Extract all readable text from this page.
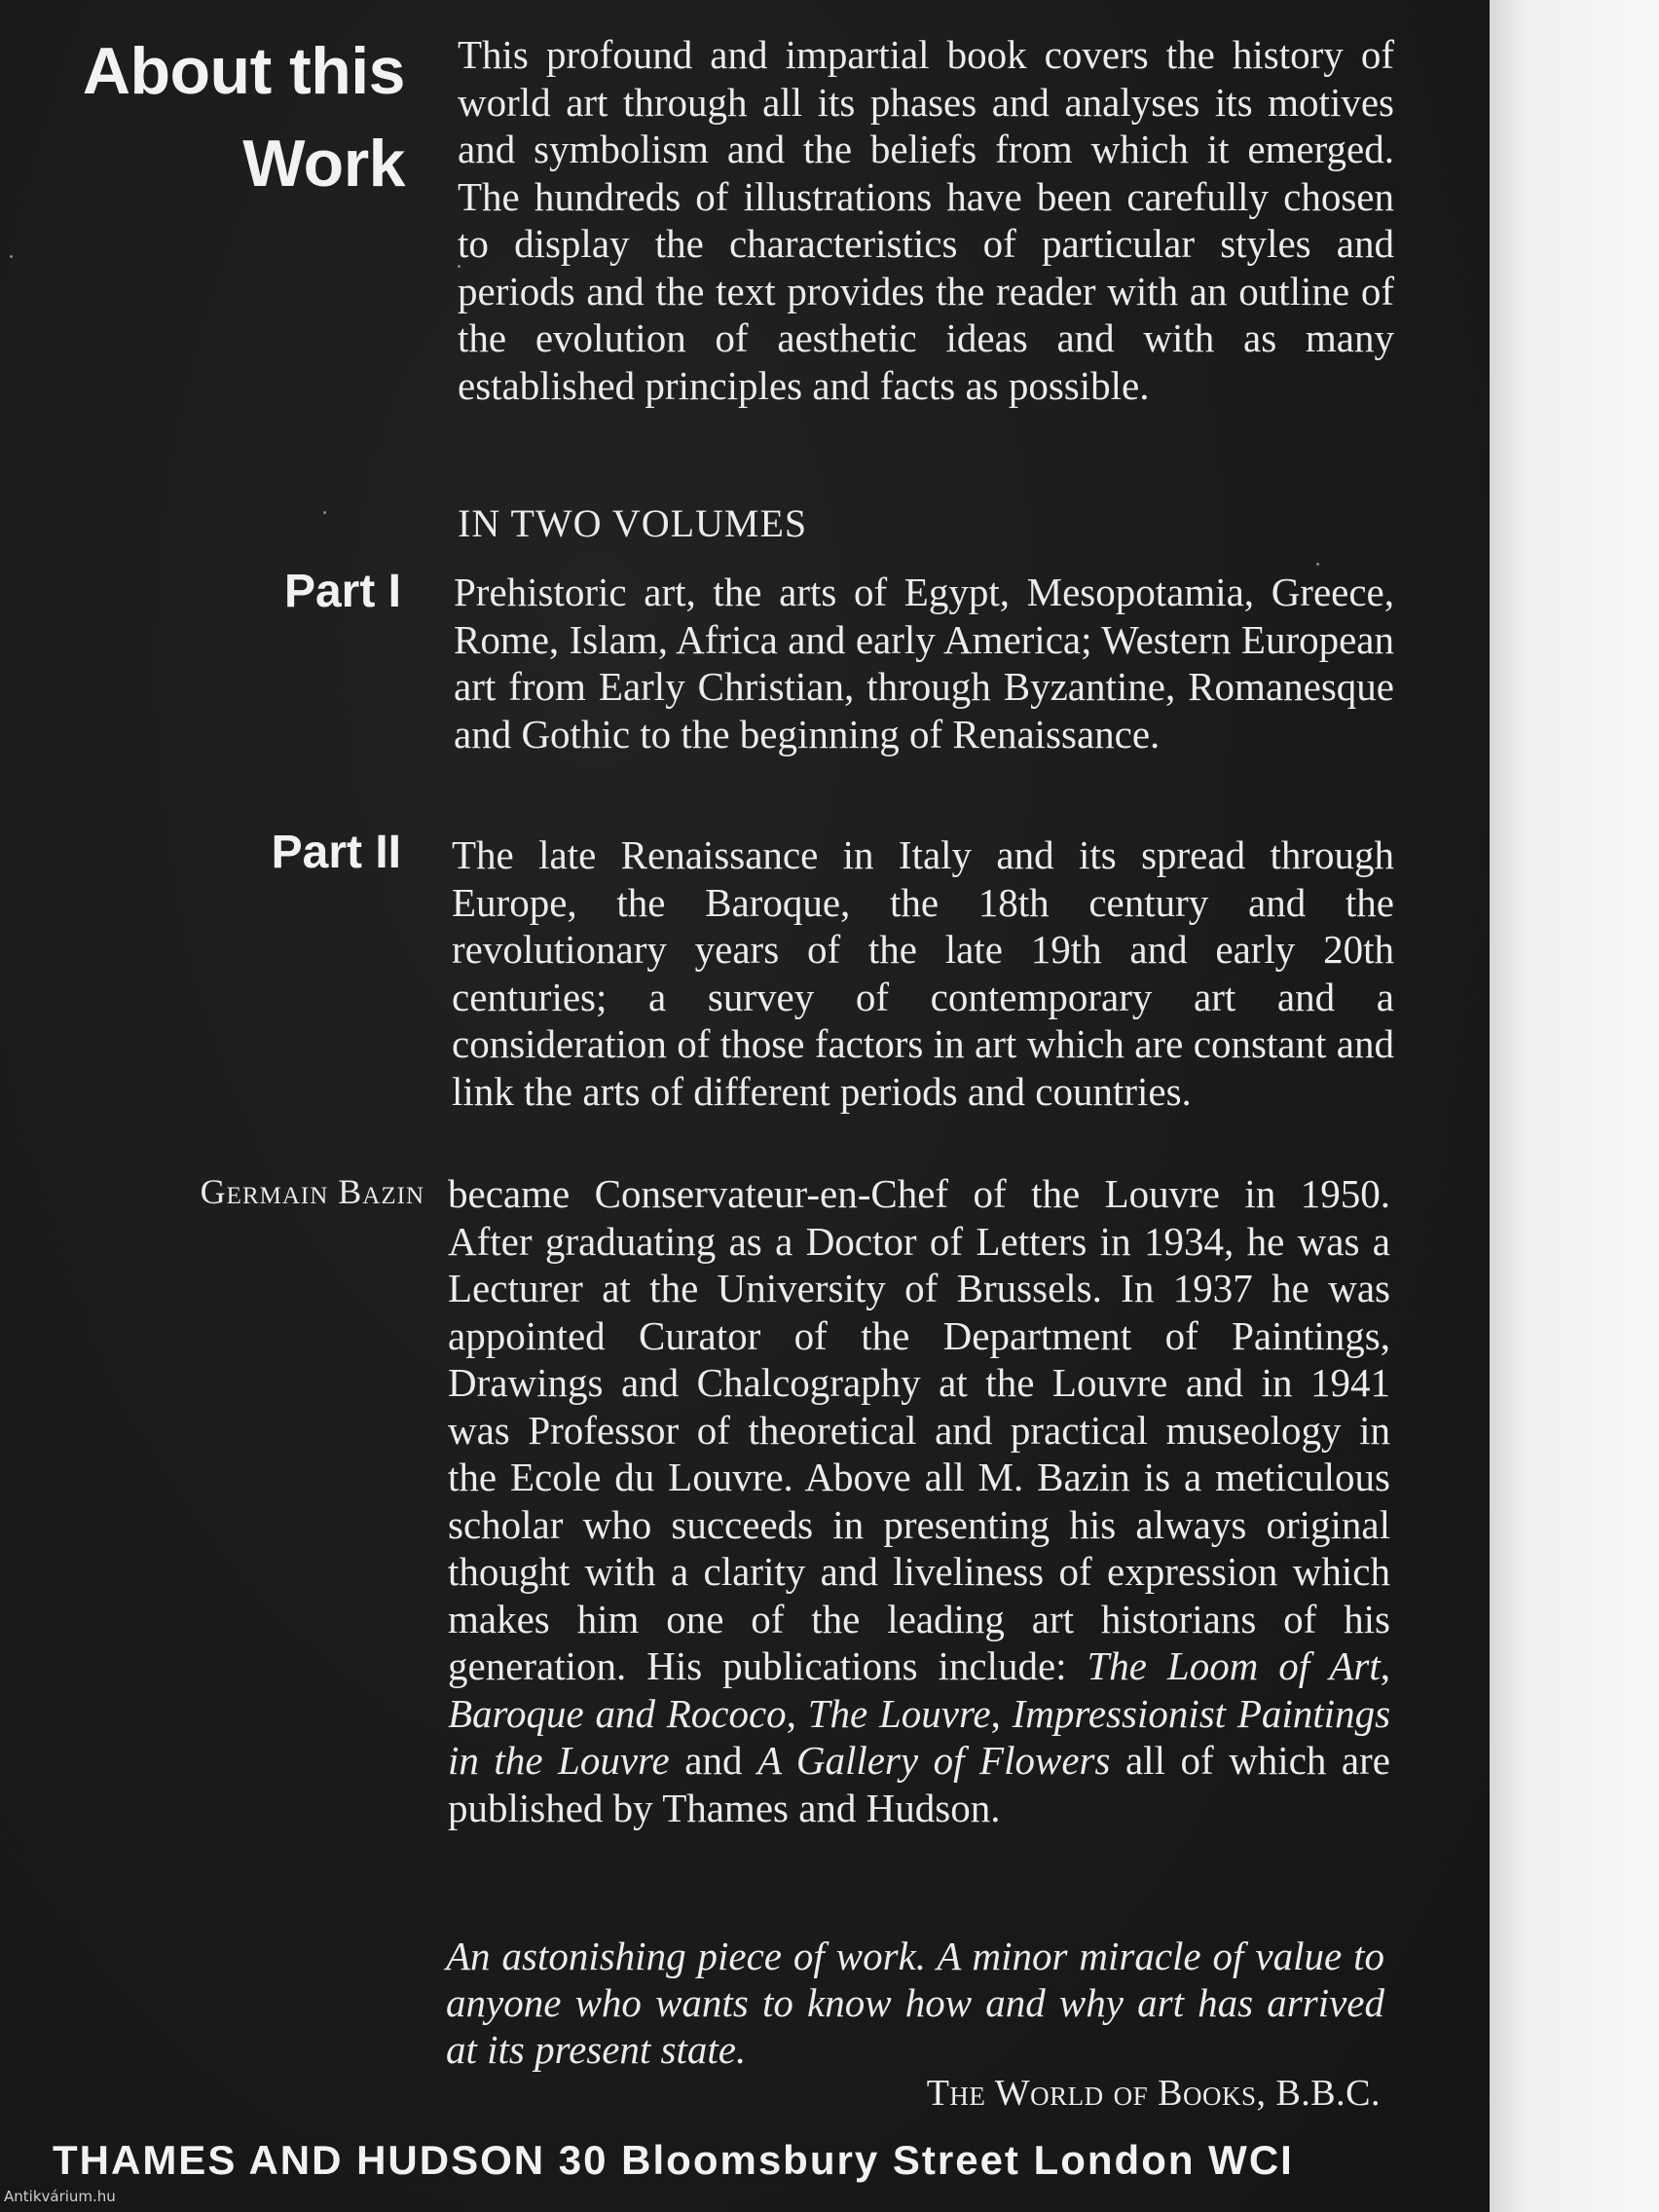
About this
Work
This profound and impartial book covers the history of world art through all its phases and analyses its motives and symbolism and the beliefs from which it emerged. The hundreds of illustrations have been carefully chosen to display the characteristics of particular styles and periods and the text provides the reader with an outline of the evolution of aesthetic ideas and with as many established principles and facts as possible.
IN TWO VOLUMES
Part I Prehistoric art, the arts of Egypt, Mesopotamia, Greece, Rome, Islam, Africa and early America; Western European art from Early Christian, through Byzantine, Romanesque and Gothic to the beginning of Renaissance.
Part II The late Renaissance in Italy and its spread through Europe, the Baroque, the 18th century and the revolutionary years of the late 19th and early 20th centuries; a survey of contemporary art and a consideration of those factors in art which are constant and link the arts of different periods and countries.
Germain Bazin became Conservateur-en-Chef of the Louvre in 1950. After graduating as a Doctor of Letters in 1934, he was a Lecturer at the University of Brussels. In 1937 he was appointed Curator of the Department of Paintings, Drawings and Chalcography at the Louvre and in 1941 was Professor of theoretical and practical museology in the Ecole du Louvre. Above all M. Bazin is a meticulous scholar who succeeds in presenting his always original thought with a clarity and liveliness of expression which makes him one of the leading art historians of his generation. His publications include: The Loom of Art, Baroque and Rococo, The Louvre, Impressionist Paintings in the Louvre and A Gallery of Flowers all of which are published by Thames and Hudson.
An astonishing piece of work. A minor miracle of value to anyone who wants to know how and why art has arrived at its present state.
The World of Books, B.B.C.
THAMES AND HUDSON 30 Bloomsbury Street London WCI
Antikvárium.hu
